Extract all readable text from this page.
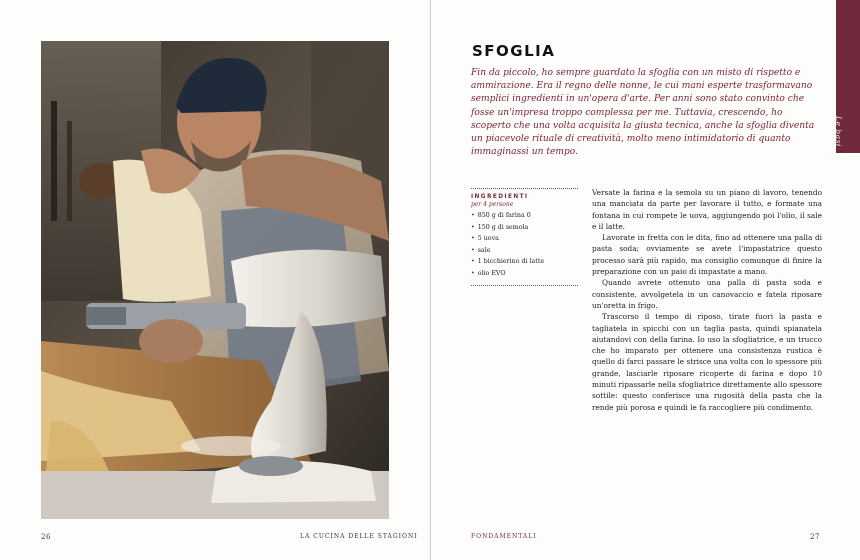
26	LA CUCINA DELLE STAGIONI
SFOGLIA
Fin da piccolo, ho sempre guardato la sfoglia con un misto di rispetto e ammirazione. Era il regno delle nonne, le cui mani esperte trasformavano semplici ingredienti in un'opera d'arte. Per anni sono stato convinto che fosse un'impresa troppo complessa per me. Tuttavia, crescendo, ho scoperto che una volta acquisita la giusta tecnica, anche la sfoglia diventa un piacevole rituale di creatività, molto meno intimidatorio di quanto immaginassi un tempo.
Le basi
INGREDIENTI
per 4 persone
• 850 g di farina 0
• 150 g di semola
• 5 uova
• sale
• 1 bicchierino di latte
• olio EVO

Versate la farina e la semola su un piano di lavoro, tenendo una manciata da parte per lavorare il tutto, e formate una fontana in cui rompete le uova, aggiungendo poi l'olio, il sale e il latte.

Lavorate in fretta con le dita, fino ad ottenere una palla di pasta soda; ovviamente se avete l'impastatrice questo processo sarà più rapido, ma consiglio comunque di finire la preparazione con un paio di impastate a mano.

Quando avrete ottenuto una palla di pasta soda e consistente, avvolgetela in un canovaccio e fatela riposare un'oretta in frigo.

Trascorso il tempo di riposo, tirate fuori la pasta e tagliatela in spicchi con un taglia pasta, quindi spianatela aiutandovi con della farina. Io uso la sfogliatrice, e un trucco che ho imparato per ottenere una consistenza rustica è quello di farci passare le strisce una volta con lo spessore più grande, lasciarle riposare ricoperte di farina e dopo 10 minuti ripassarle nella sfogliatrice direttamente allo spessore sottile: questo conferisce una rugosità della pasta che la rende più porosa e quindi le fa raccogliere più condimento.

FONDAMENTALI	27
